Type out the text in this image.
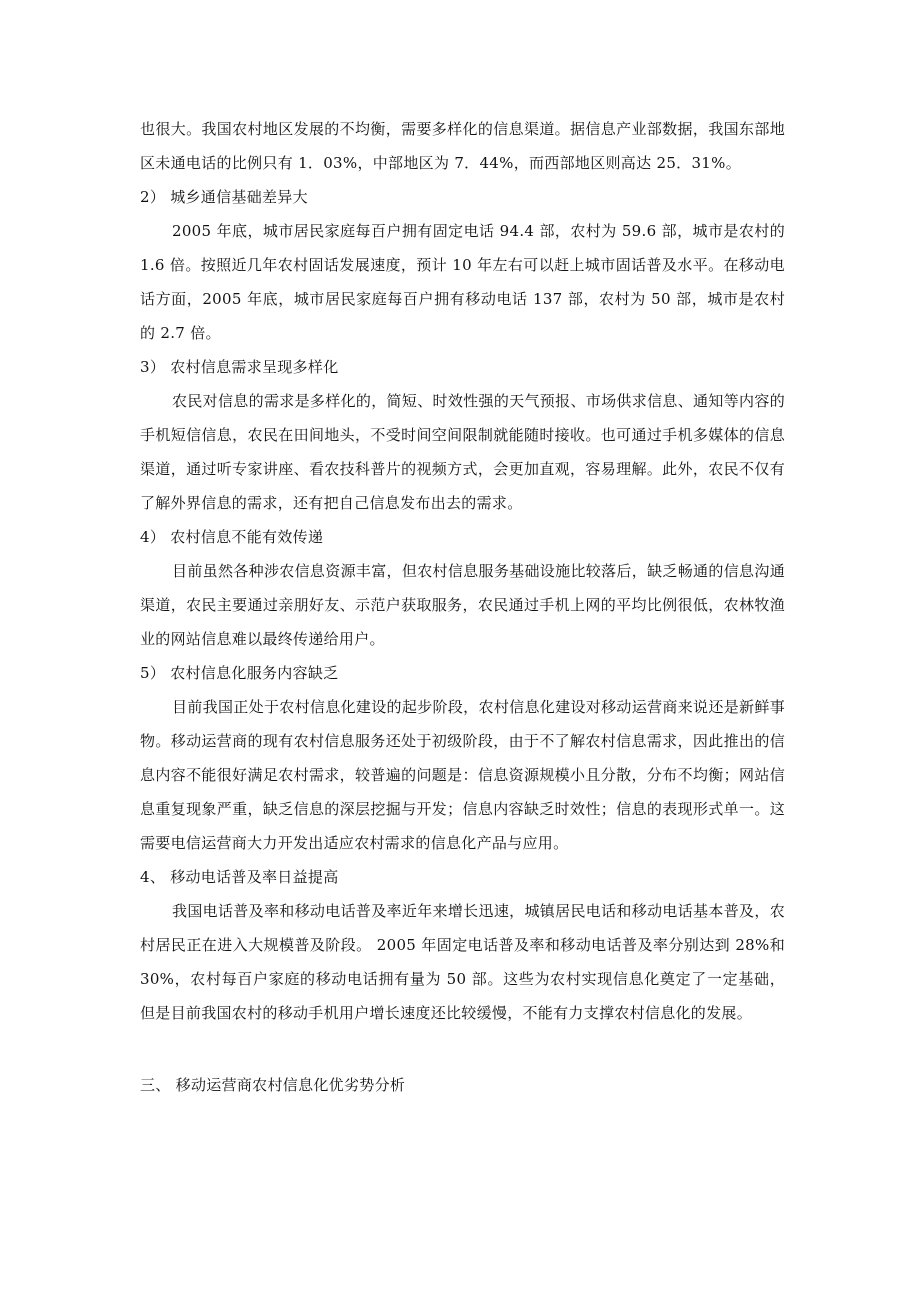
也很大。我国农村地区发展的不均衡，需要多样化的信息渠道。据信息产业部数据，我国东部地区未通电话的比例只有 1．03%，中部地区为 7．44%，而西部地区则高达 25．31%。

2） 城乡通信基础差异大

2005 年底，城市居民家庭每百户拥有固定电话 94.4 部，农村为 59.6 部，城市是农村的 1.6 倍。按照近几年农村固话发展速度，预计 10 年左右可以赶上城市固话普及水平。在移动电话方面，2005 年底，城市居民家庭每百户拥有移动电话 137 部，农村为 50 部，城市是农村的 2.7 倍。

3） 农村信息需求呈现多样化

农民对信息的需求是多样化的，简短、时效性强的天气预报、市场供求信息、通知等内容的手机短信信息，农民在田间地头，不受时间空间限制就能随时接收。也可通过手机多媒体的信息渠道，通过听专家讲座、看农技科普片的视频方式，会更加直观，容易理解。此外，农民不仅有了解外界信息的需求，还有把自己信息发布出去的需求。

4） 农村信息不能有效传递

目前虽然各种涉农信息资源丰富，但农村信息服务基础设施比较落后，缺乏畅通的信息沟通渠道，农民主要通过亲朋好友、示范户获取服务，农民通过手机上网的平均比例很低，农林牧渔业的网站信息难以最终传递给用户。

5） 农村信息化服务内容缺乏

目前我国正处于农村信息化建设的起步阶段，农村信息化建设对移动运营商来说还是新鲜事物。移动运营商的现有农村信息服务还处于初级阶段，由于不了解农村信息需求，因此推出的信息内容不能很好满足农村需求，较普遍的问题是：信息资源规模小且分散，分布不均衡；网站信息重复现象严重，缺乏信息的深层挖掘与开发；信息内容缺乏时效性；信息的表现形式单一。这需要电信运营商大力开发出适应农村需求的信息化产品与应用。

4、 移动电话普及率日益提高

我国电话普及率和移动电话普及率近年来增长迅速，城镇居民电话和移动电话基本普及，农村居民正在进入大规模普及阶段。 2005 年固定电话普及率和移动电话普及率分别达到 28%和 30%，农村每百户家庭的移动电话拥有量为 50 部。这些为农村实现信息化奠定了一定基础，但是目前我国农村的移动手机用户增长速度还比较缓慢，不能有力支撑农村信息化的发展。

三、 移动运营商农村信息化优劣势分析
